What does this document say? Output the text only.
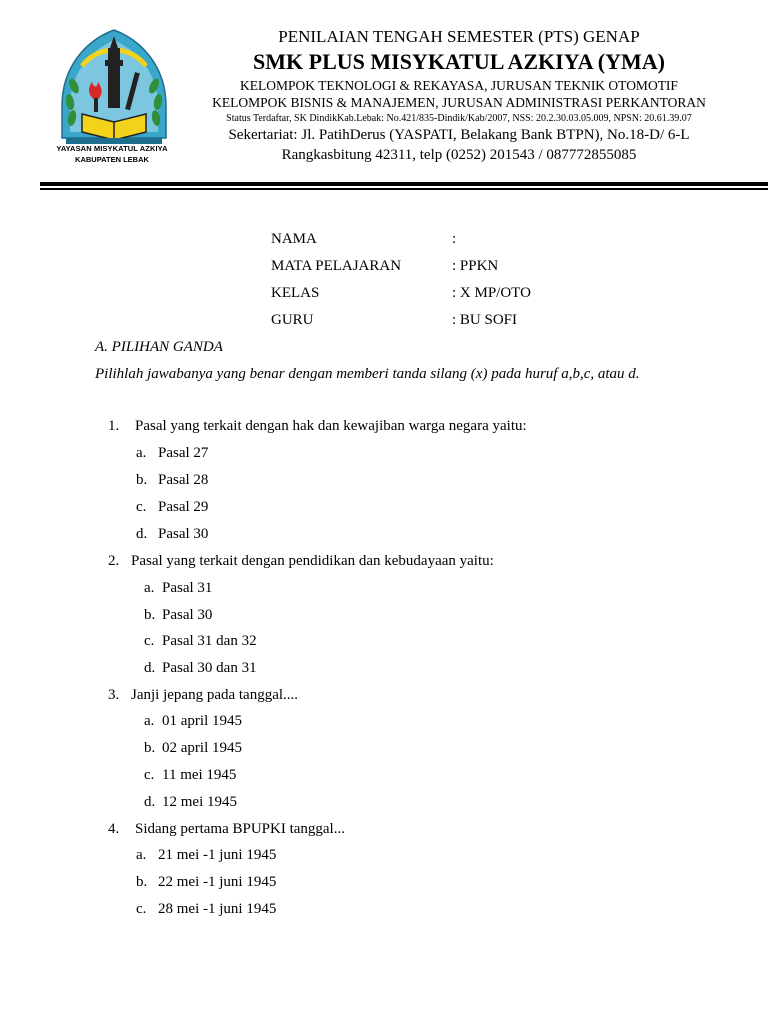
YAYASAN MISYKATUL AZKIYA
KABUPATEN LEBAK
PENILAIAN TENGAH SEMESTER (PTS) GENAP
SMK PLUS MISYKATUL AZKIYA (YMA)
KELOMPOK TEKNOLOGI & REKAYASA, JURUSAN TEKNIK OTOMOTIF
KELOMPOK BISNIS & MANAJEMEN, JURUSAN ADMINISTRASI PERKANTORAN
Status Terdaftar, SK DindikKab.Lebak: No.421/835-Dindik/Kab/2007, NSS: 20.2.30.03.05.009, NPSN: 20.61.39.07
Sekertariat: Jl. PatihDerus (YASPATI, Belakang Bank BTPN), No.18-D/ 6-L
Rangkasbitung 42311, telp (0252) 201543 / 087772855085
NAMA	:
MATA PELAJARAN	: PPKN
KELAS	: X MP/OTO
GURU	: BU SOFI
A. PILIHAN GANDA
Pilihlah jawabanya yang benar dengan memberi tanda silang (x) pada huruf a,b,c, atau d.
1. Pasal yang terkait dengan hak dan kewajiban warga negara yaitu:
a. Pasal 27
b. Pasal 28
c. Pasal 29
d. Pasal 30
2. Pasal yang terkait dengan pendidikan dan kebudayaan yaitu:
a. Pasal 31
b. Pasal 30
c. Pasal 31 dan 32
d. Pasal 30 dan 31
3. Janji jepang pada tanggal....
a. 01 april 1945
b. 02 april 1945
c. 11 mei 1945
d. 12 mei 1945
4. Sidang pertama BPUPKI tanggal...
a. 21 mei -1 juni 1945
b. 22 mei -1 juni 1945
c. 28 mei -1 juni 1945
